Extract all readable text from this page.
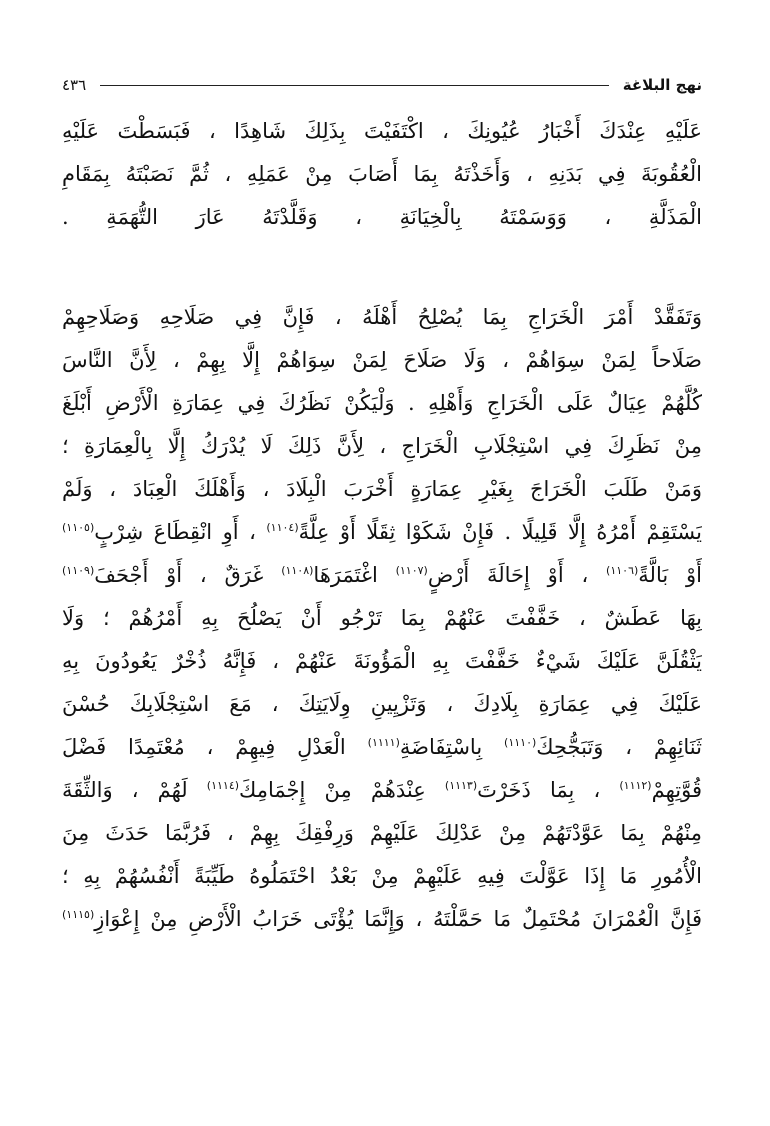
نهج البلاغة
٤٣٦
عَلَيْهِ عِنْدَكَ أَخْبَارُ عُيُونِكَ ، اكْتَفَيْتَ بِذَلِكَ شَاهِدًا ، فَبَسَطْتَ عَلَيْهِ
الْعُقُوبَةَ فِي بَدَنِهِ ، وَأَخَذْتَهُ بِمَا أَصَابَ مِنْ عَمَلِهِ ، ثُمَّ نَصَبْتَهُ بِمَقَامِ
الْمَذَلَّةِ ، وَوَسَمْتَهُ بِالْخِيَانَةِ ، وَقَلَّدْتَهُ عَارَ التُّهَمَةِ .
وَتَفَقَّدْ أَمْرَ الْخَرَاجِ بِمَا يُصْلِحُ أَهْلَهُ ، فَإِنَّ فِي صَلَاحِهِ وَصَلَاحِهِمْ
صَلَاحاً لِمَنْ سِوَاهُمْ ، وَلَا صَلَاحَ لِمَنْ سِوَاهُمْ إِلَّا بِهِمْ ، لِأَنَّ النَّاسَ
كُلَّهُمْ عِيَالٌ عَلَى الْخَرَاجِ وَأَهْلِهِ . وَلْيَكُنْ نَظَرُكَ فِي عِمَارَةِ الْأَرْضِ أَبْلَغَ
مِنْ نَظَرِكَ فِي اسْتِجْلَابِ الْخَرَاجِ ، لِأَنَّ ذَلِكَ لَا يُدْرَكُ إِلَّا بِالْعِمَارَةِ ؛
وَمَنْ طَلَبَ الْخَرَاجَ بِغَيْرِ عِمَارَةٍ أَخْرَبَ الْبِلَادَ ، وَأَهْلَكَ الْعِبَادَ ، وَلَمْ
يَسْتَقِمْ أَمْرُهُ إِلَّا قَلِيلًا . فَإِنْ شَكَوْا ثِقَلًا أَوْ عِلَّةً$^{(١١٠٤)}$ ، أَوِ انْقِطَاعَ شِرْبٍ$^{(١١٠٥)}$
أَوْ بَالَّةً$^{(١١٠٦)}$ ، أَوْ إِحَالَةَ أَرْضٍ$^{(١١٠٧)}$ اغْتَمَرَهَا$^{(١١٠٨)}$ غَرَقٌ ، أَوْ أَجْحَفَ$^{(١١٠٩)}$
بِهَا عَطَشٌ ، خَفَّفْتَ عَنْهُمْ بِمَا تَرْجُو أَنْ يَصْلُحَ بِهِ أَمْرُهُمْ ؛ وَلَا
يَثْقُلَنَّ عَلَيْكَ شَيْءٌ خَفَّفْتَ بِهِ الْمَؤُونَةَ عَنْهُمْ ، فَإِنَّهُ ذُخْرٌ يَعُودُونَ بِهِ
عَلَيْكَ فِي عِمَارَةِ بِلَادِكَ ، وَتَزْيِينِ وِلَايَتِكَ ، مَعَ اسْتِجْلَابِكَ حُسْنَ
ثَنَائِهِمْ ، وَتَبَجُّحِكَ$^{(١١١٠)}$ بِاسْتِفَاضَةِ$^{(١١١١)}$ الْعَدْلِ فِيهِمْ ، مُعْتَمِدًا فَضْلَ
قُوَّتِهِمْ$^{(١١١٢)}$ ، بِمَا ذَخَرْتَ$^{(١١١٣)}$ عِنْدَهُمْ مِنْ إِجْمَامِكَ$^{(١١١٤)}$ لَهُمْ ، وَالثِّقَةَ
مِنْهُمْ بِمَا عَوَّدْتَهُمْ مِنْ عَدْلِكَ عَلَيْهِمْ وَرِفْقِكَ بِهِمْ ، فَرُبَّمَا حَدَثَ مِنَ
الْأُمُورِ مَا إِذَا عَوَّلْتَ فِيهِ عَلَيْهِمْ مِنْ بَعْدُ احْتَمَلُوهُ طَيِّبَةً أَنْفُسُهُمْ بِهِ ؛
فَإِنَّ الْعُمْرَانَ مُحْتَمِلٌ مَا حَمَّلْتَهُ ، وَإِنَّمَا يُؤْتَى خَرَابُ الْأَرْضِ مِنْ إِعْوَازِ$^{(١١١٥)}$
